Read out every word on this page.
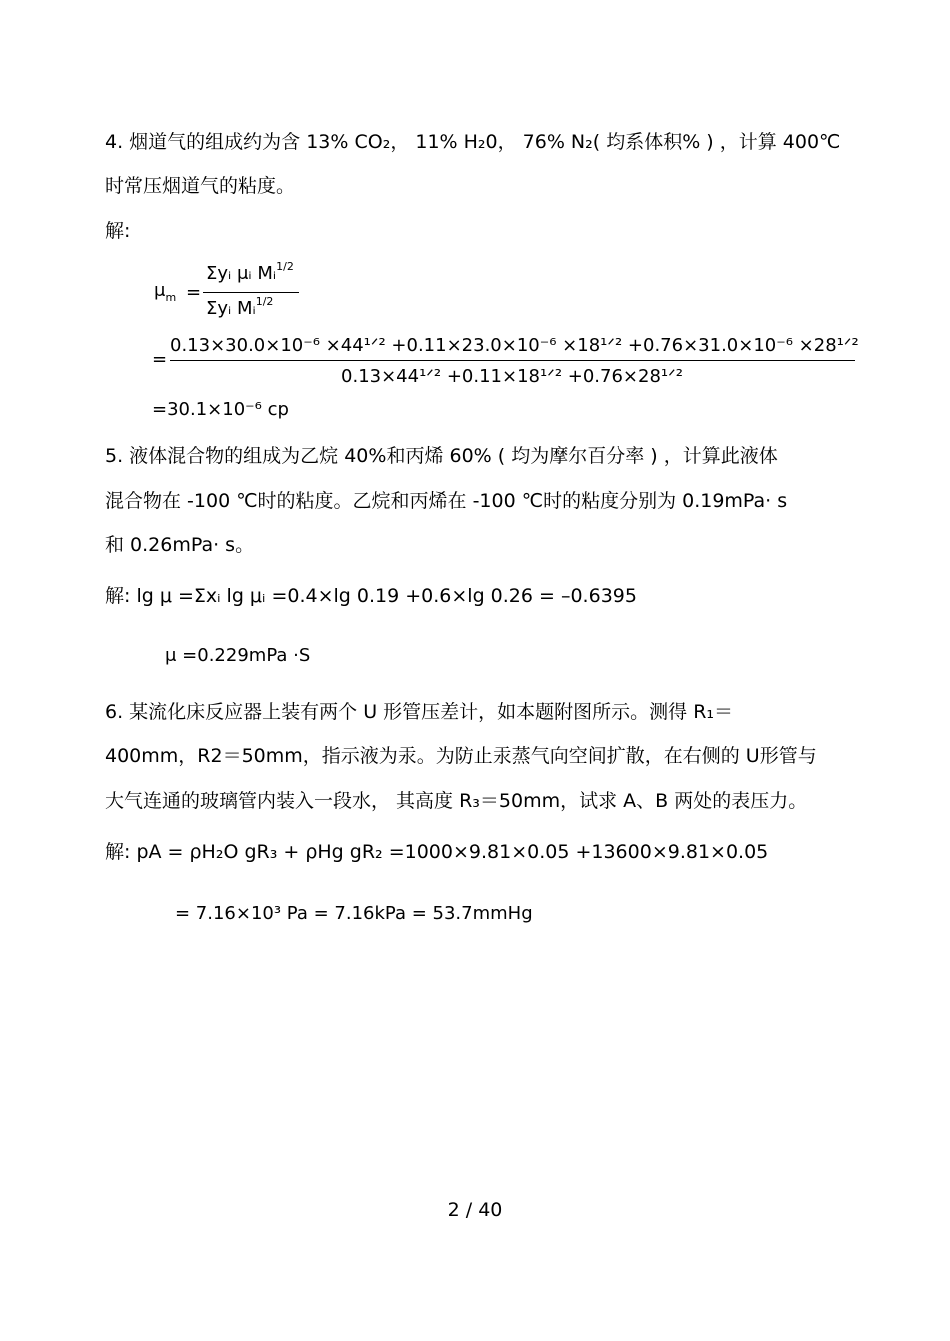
4. 烟道气的组成约为含 13% CO₂， 11% H₂0， 76% N₂( 均系体积% ) ，计算 400℃
时常压烟道气的粘度。
解:
$\mu_m$ =
Σyᵢ μᵢ Mᵢ$^{1/2}$
Σyᵢ Mᵢ$^{1/2}$
=
0.13×30.0×10⁻⁶ ×44¹ᐟ² +0.11×23.0×10⁻⁶ ×18¹ᐟ² +0.76×31.0×10⁻⁶ ×28¹ᐟ²
0.13×44¹ᐟ² +0.11×18¹ᐟ² +0.76×28¹ᐟ²
=30.1×10⁻⁶ cp
5. 液体混合物的组成为乙烷 40%和丙烯 60% ( 均为摩尔百分率 ) ，计算此液体
混合物在 -100 ℃时的粘度。乙烷和丙烯在 -100 ℃时的粘度分别为 0.19mPa· s
和 0.26mPa· s。
解: lg μ =Σxᵢ lg μᵢ =0.4×lg 0.19 +0.6×lg 0.26 = –0.6395
μ =0.229mPa ·S
6. 某流化床反应器上装有两个 U 形管压差计，如本题附图所示。测得 R₁＝
400mm，R2＝50mm，指示液为汞。为防止汞蒸气向空间扩散，在右侧的 U形管与
大气连通的玻璃管内装入一段水， 其高度 R₃＝50mm，试求 A、B 两处的表压力。
解: pA = ρH₂O gR₃ + ρHg gR₂ =1000×9.81×0.05 +13600×9.81×0.05
= 7.16×10³ Pa = 7.16kPa = 53.7mmHg
2 / 40
